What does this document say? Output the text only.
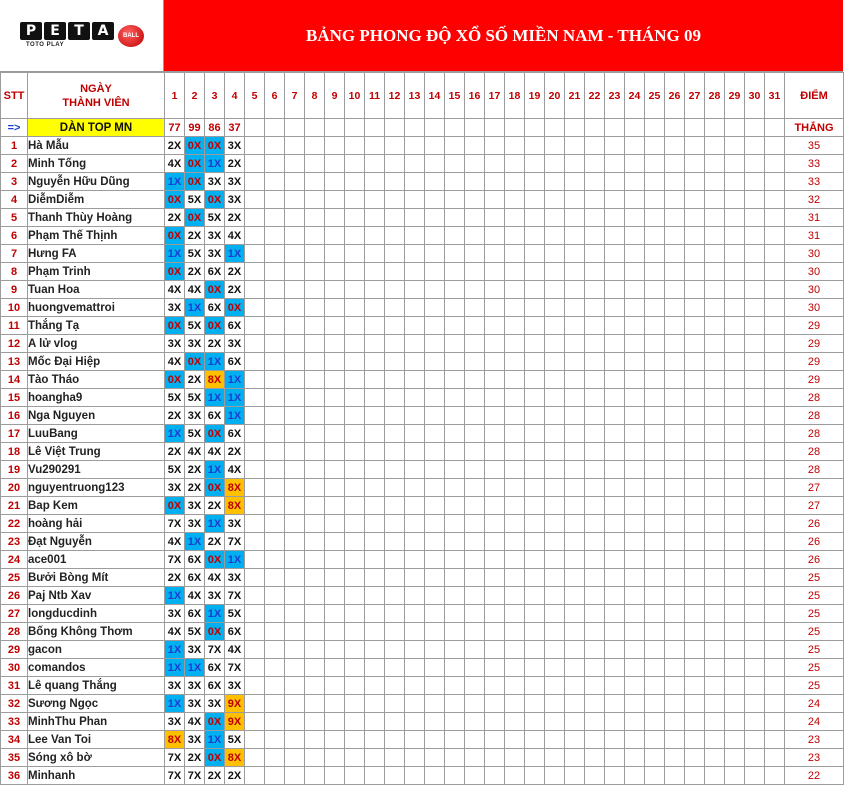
P	E	T A	BALL
TOTO PLAY
BẢNG PHONG ĐỘ XỔ SỐ MIỀN NAM - THÁNG 09
STT	NGÀY
THÀNH VIÊN	1	2	3	4	5	6	7	8	9	10	11	12	13	14	15	16	17	18	19	20	21	22	23	24	25	26	27	28	29	30	31	ĐIỂM
=>	DÀN TOP MN	77	99	86	37																												THẮNG
1	Hà Mẫu	2X	0X	0X	3X																												35
2	Minh Tống	4X	0X	1X	2X																												33
3	Nguyễn Hữu Dũng	1X	0X	3X	3X																												33
4	DiễmDiễm	0X	5X	0X	3X																												32
5	Thanh Thùy Hoàng	2X	0X	5X	2X																												31
6	Phạm Thế Thịnh	0X	2X	3X	4X																												31
7	Hưng FA	1X	5X	3X	1X																												30
8	Phạm Trinh	0X	2X	6X	2X																												30
9	Tuan Hoa	4X	4X	0X	2X																												30
10	huongvemattroi	3X	1X	6X	0X																												30
11	Thắng Tạ	0X	5X	0X	6X																												29
12	A lử vlog	3X	3X	2X	3X																												29
13	Mốc Đại Hiệp	4X	0X	1X	6X																												29
14	Tào Tháo	0X	2X	8X	1X																												29
15	hoangha9	5X	5X	1X	1X																												28
16	Nga Nguyen	2X	3X	6X	1X																												28
17	LuuBang	1X	5X	0X	6X																												28
18	Lê Việt Trung	2X	4X	4X	2X																												28
19	Vu290291	5X	2X	1X	4X																												28
20	nguyentruong123	3X	2X	0X	8X																												27
21	Bap Kem	0X	3X	2X	8X																												27
22	hoàng hải	7X	3X	1X	3X																												26
23	Đạt Nguyễn	4X	1X	2X	7X																												26
24	ace001	7X	6X	0X	1X																												26
25	Bưởi Bòng Mít	2X	6X	4X	3X																												25
26	Paj Ntb Xav	1X	4X	3X	7X																												25
27	longducdinh	3X	6X	1X	5X																												25
28	Bống Không Thơm	4X	5X	0X	6X																												25
29	gacon	1X	3X	7X	4X																												25
30	comandos	1X	1X	6X	7X																												25
31	Lê quang Thắng	3X	3X	6X	3X																												25
32	Sương Ngọc	1X	3X	3X	9X																												24
33	MinhThu Phan	3X	4X	0X	9X																												24
34	Lee Van Toi	8X	3X	1X	5X																												23
35	Sóng xô bờ	7X	2X	0X	8X																												23
36	Minhanh	7X	7X	2X	2X																												22
